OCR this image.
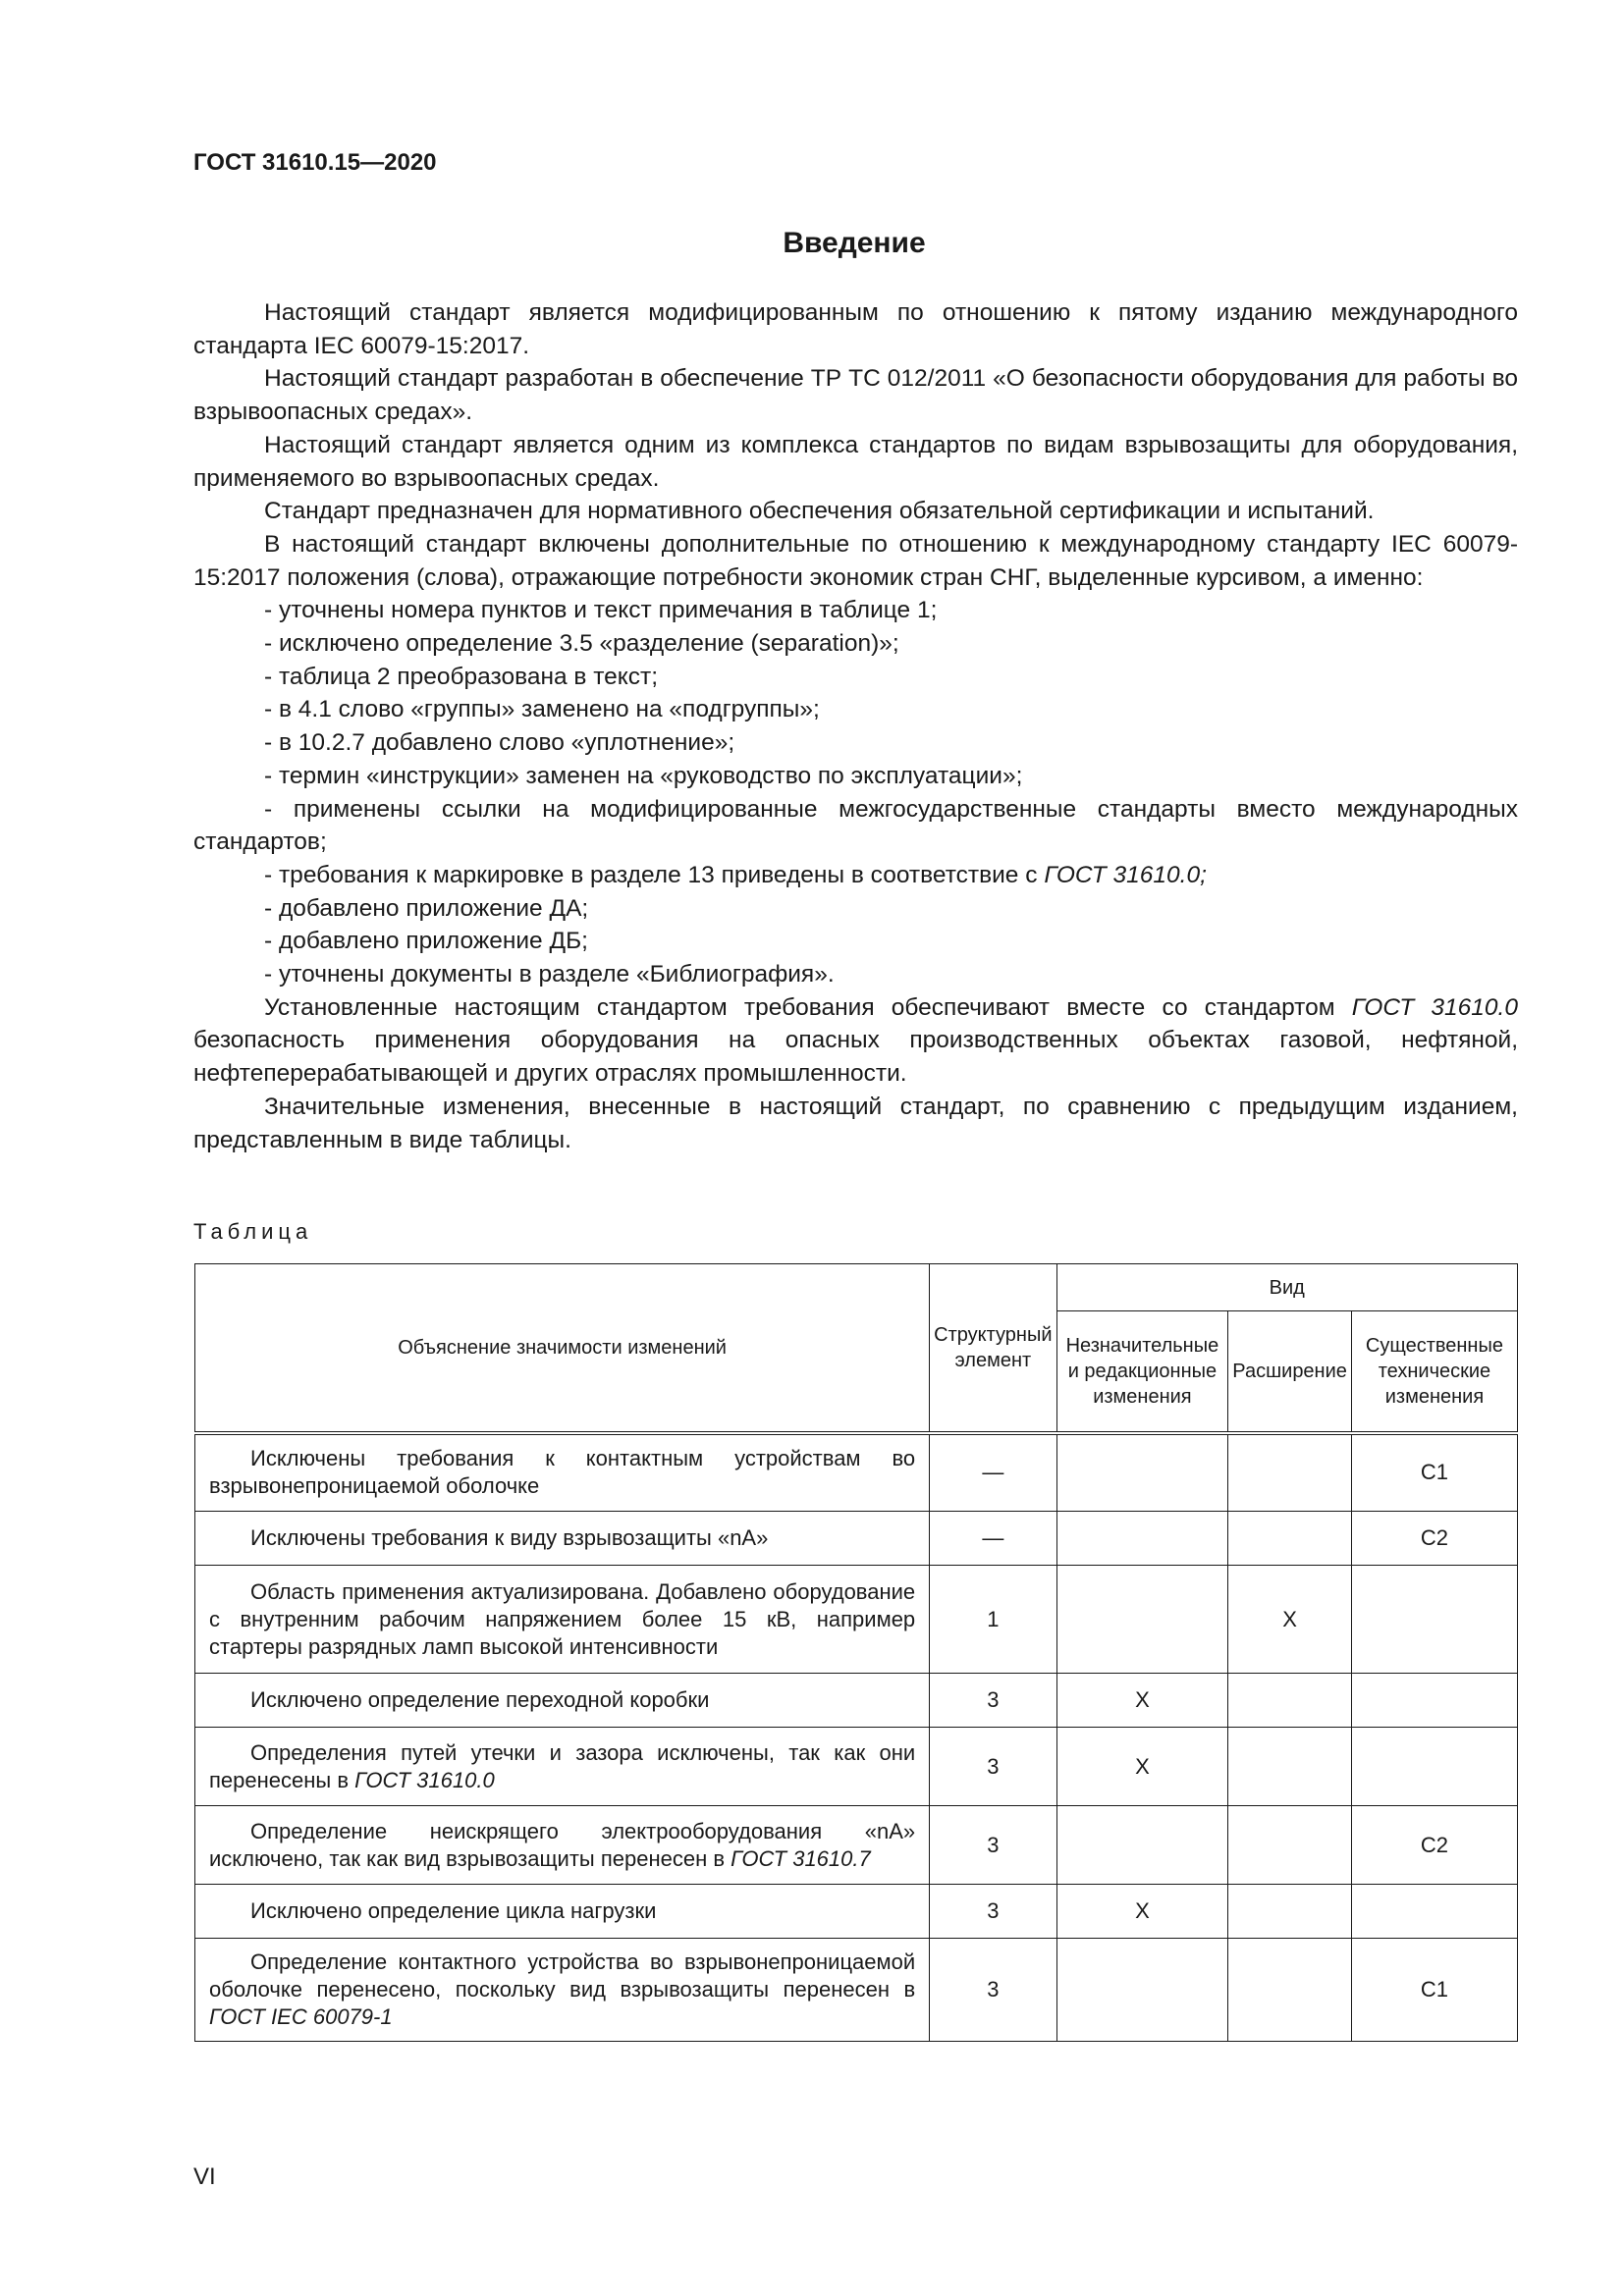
ГОСТ 31610.15—2020
Введение

Настоящий стандарт является модифицированным по отношению к пятому изданию международного стандарта IEC 60079-15:2017.

Настоящий стандарт разработан в обеспечение ТР ТС 012/2011 «О безопасности оборудования для работы во взрывоопасных средах».

Настоящий стандарт является одним из комплекса стандартов по видам взрывозащиты для оборудования, применяемого во взрывоопасных средах.

Стандарт предназначен для нормативного обеспечения обязательной сертификации и испытаний.

В настоящий стандарт включены дополнительные по отношению к международному стандарту IEC 60079-15:2017 положения (слова), отражающие потребности экономик стран СНГ, выделенные курсивом, а именно:

- уточнены номера пунктов и текст примечания в таблице 1;

- исключено определение 3.5 «разделение (separation)»;

- таблица 2 преобразована в текст;

- в 4.1 слово «группы» заменено на «подгруппы»;

- в 10.2.7 добавлено слово «уплотнение»;

- термин «инструкции» заменен на «руководство по эксплуатации»;

- применены ссылки на модифицированные межгосударственные стандарты вместо международных стандартов;

- требования к маркировке в разделе 13 приведены в соответствие с ГОСТ 31610.0;

- добавлено приложение ДА;

- добавлено приложение ДБ;

- уточнены документы в разделе «Библиография».

Установленные настоящим стандартом требования обеспечивают вместе со стандартом ГОСТ 31610.0 безопасность применения оборудования на опасных производственных объектах газовой, нефтяной, нефтеперерабатывающей и других отраслях промышленности.

Значительные изменения, внесенные в настоящий стандарт, по сравнению с предыдущим изданием, представленным в виде таблицы.

Таблица
Объяснение значимости изменений	Структурный элемент	Вид		
		Незначительные и редакционные изменения	Расширение	Существенные технические изменения

Исключены требования к контактным устройствам во взрывонепроницаемой оболочке	—			С1

Исключены требования к виду взрывозащиты «nA»	—			С2

Область применения актуализирована. Добавлено оборудование с внутренним рабочим напряжением более 15 кВ, например стартеры разрядных ламп высокой интенсивности	1		X	

Исключено определение переходной коробки	3	X		

Определения путей утечки и зазора исключены, так как они перенесены в ГОСТ 31610.0	3	X		

Определение неискрящего электрооборудования «nA» исключено, так как вид взрывозащиты перенесен в ГОСТ 31610.7	3			С2

Исключено определение цикла нагрузки	3	X		

Определение контактного устройства во взрывонепроницаемой оболочке перенесено, поскольку вид взрывозащиты перенесен в ГОСТ IEC 60079-1	3			С1
VI
